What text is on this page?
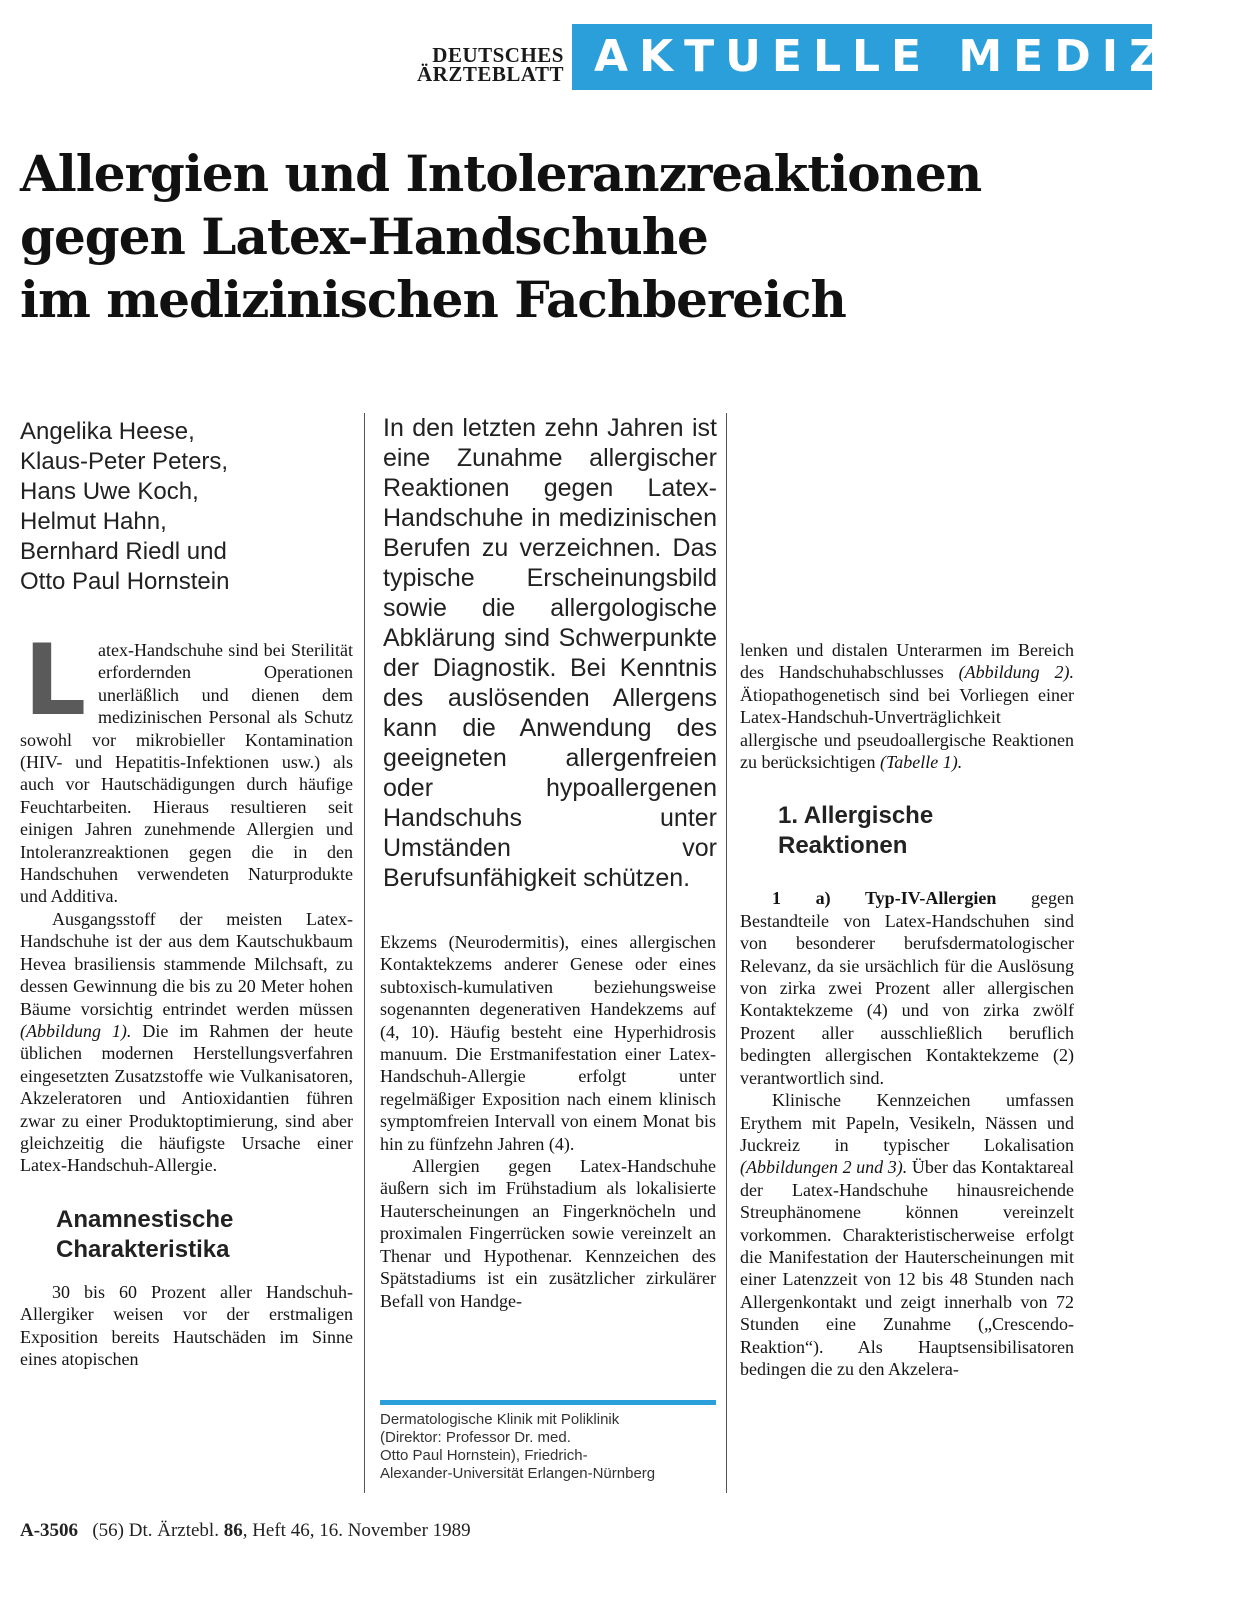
DEUTSCHES
ÄRZTEBLATT AKTUELLE MEDIZIN
Allergien und Intoleranzreaktionen
gegen Latex-Handschuhe
im medizinischen Fachbereich
Angelika Heese,
Klaus-Peter Peters,
Hans Uwe Koch,
Helmut Hahn,
Bernhard Riedl und
Otto Paul Hornstein
In den letzten zehn Jahren ist eine Zunahme allergischer Reaktionen gegen Latex-Handschuhe in medizinischen Berufen zu verzeichnen. Das typische Erscheinungsbild sowie die allergologische Abklärung sind Schwerpunkte der Diagnostik. Bei Kenntnis des auslösenden Allergens kann die Anwendung des geeigneten allergenfreien oder hypoallergenen Handschuhs unter Umständen vor Berufsunfähigkeit schützen.

Latex-Handschuhe sind bei Sterilität erfordernden Operationen unerläßlich und dienen dem medizinischen Personal als Schutz sowohl vor mikrobieller Kontamination (HIV- und Hepatitis-Infektionen usw.) als auch vor Hautschädigungen durch häufige Feuchtarbeiten. Hieraus resultieren seit einigen Jahren zunehmende Allergien und Intoleranzreaktionen gegen die in den Handschuhen verwendeten Naturprodukte und Additiva.

Ausgangsstoff der meisten Latex-Handschuhe ist der aus dem Kautschukbaum Hevea brasiliensis stammende Milchsaft, zu dessen Gewinnung die bis zu 20 Meter hohen Bäume vorsichtig entrindet werden müssen (Abbildung 1). Die im Rahmen der heute üblichen modernen Herstellungsverfahren eingesetzten Zusatzstoffe wie Vulkanisatoren, Akzeleratoren und Antioxidantien führen zwar zu einer Produktoptimierung, sind aber gleichzeitig die häufigste Ursache einer Latex-Handschuh-Allergie.

Anamnestische
Charakteristika

30 bis 60 Prozent aller Handschuh-Allergiker weisen vor der erstmaligen Exposition bereits Hautschäden im Sinne eines atopischen

Ekzems (Neurodermitis), eines allergischen Kontaktekzems anderer Genese oder eines subtoxisch-kumulativen beziehungsweise sogenannten degenerativen Handekzems auf (4, 10). Häufig besteht eine Hyperhidrosis manuum. Die Erstmanifestation einer Latex-Handschuh-Allergie erfolgt unter regelmäßiger Exposition nach einem klinisch symptomfreien Intervall von einem Monat bis hin zu fünfzehn Jahren (4).

Allergien gegen Latex-Handschuhe äußern sich im Frühstadium als lokalisierte Hauterscheinungen an Fingerknöcheln und proximalen Fingerrücken sowie vereinzelt an Thenar und Hypothenar. Kennzeichen des Spätstadiums ist ein zusätzlicher zirkulärer Befall von Handge-

Dermatologische Klinik mit Poliklinik
(Direktor: Professor Dr. med.
Otto Paul Hornstein), Friedrich-
Alexander-Universität Erlangen-Nürnberg

lenken und distalen Unterarmen im Bereich des Handschuhabschlusses (Abbildung 2). Ätiopathogenetisch sind bei Vorliegen einer Latex-Handschuh-Unverträglichkeit allergische und pseudoallergische Reaktionen zu berücksichtigen (Tabelle 1).

1. Allergische
Reaktionen

1 a) Typ-IV-Allergien gegen Bestandteile von Latex-Handschuhen sind von besonderer berufsdermatologischer Relevanz, da sie ursächlich für die Auslösung von zirka zwei Prozent aller allergischen Kontaktekzeme (4) und von zirka zwölf Prozent aller ausschließlich beruflich bedingten allergischen Kontaktekzeme (2) verantwortlich sind.

Klinische Kennzeichen umfassen Erythem mit Papeln, Vesikeln, Nässen und Juckreiz in typischer Lokalisation (Abbildungen 2 und 3). Über das Kontaktareal der Latex-Handschuhe hinausreichende Streuphänomene können vereinzelt vorkommen. Charakteristischerweise erfolgt die Manifestation der Hauterscheinungen mit einer Latenzzeit von 12 bis 48 Stunden nach Allergenkontakt und zeigt innerhalb von 72 Stunden eine Zunahme („Crescendo-Reaktion“). Als Hauptsensibilisatoren bedingen die zu den Akzelera-

A-3506 (56) Dt. Ärztebl. 86, Heft 46, 16. November 1989
